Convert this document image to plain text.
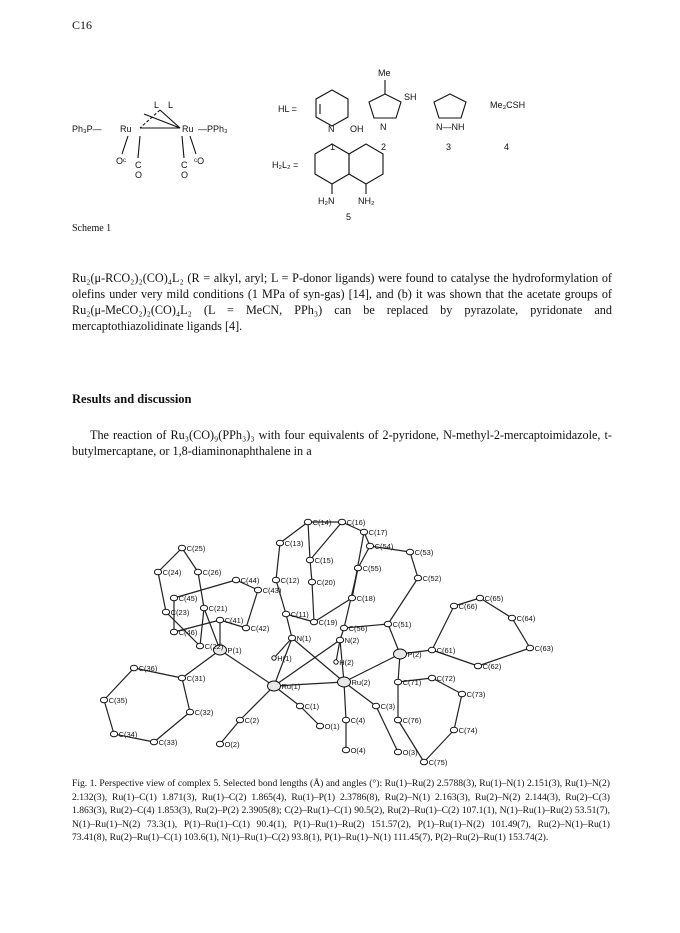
C16
Ph₃P— Ru	Ru —PPh₃
L L
Oᶜ	ᶜO
C	C
O	O
HL =
N OH
1
Me
SH
N
2
N—NH
3
Me₃CSH
4
H₂L₂ =
H₂N	NH₂
5
Scheme 1
Ru₂(μ-RCO₂)₂(CO)₄L₂ (R = alkyl, aryl; L = P-donor ligands) were found to catalyse the hydroformylation of olefins under very mild conditions (1 MPa of syn-gas) [14], and (b) it was shown that the acetate groups of Ru₂(μ-MeCO₂)₂(CO)₄L₂ (L = MeCN, PPh₃) can be replaced by pyrazolate, pyridonate and mercaptothiazolidinate ligands [4].
Results and discussion
The reaction of Ru₃(CO)₉(PPh₃)₃ with four equivalents of 2-pyridone, N-methyl-2-mercaptoimidazole, t-butylmercaptane, or 1,8-diaminonaphthalene in a
C(14) C(16)
C(17)
C(25)
C(13)	C(54)
C(53)
C(15)
C(24)	C(26)	C(55)
C(52)
C(44)	C(12) C(20)
C(43)
C(45)
C(21)
C(18)
C(66)
C(65)
C(23)	C(11)
C(41)	C(51)
C(64)
C(46)	C(42)
C(19)
C(56)
C(22) P(1)
N(1)	N(2)
P(2) C(61)	C(63)
C(36)
H(1)	H(2)	C(62)
C(31)
Ru(1)	Ru(2)	C(71) C(72)
C(35)
C(1)	C(3)
C(73)
C(32)
C(2)	C(4)	C(76)
O(1)	C(74)
C(34)
C(33)	O(2)
O(4)	O(3)
C(75)
Fig. 1. Perspective view of complex 5. Selected bond lengths (Å) and angles (°): Ru(1)–Ru(2) 2.5788(3), Ru(1)–N(1) 2.151(3), Ru(1)–N(2) 2.132(3), Ru(1)–C(1) 1.871(3), Ru(1)–C(2) 1.865(4), Ru(1)–P(1) 2.3786(8), Ru(2)–N(1) 2.163(3), Ru(2)–N(2) 2.144(3), Ru(2)–C(3) 1.863(3), Ru(2)–C(4) 1.853(3), Ru(2)–P(2) 2.3905(8); C(2)–Ru(1)–C(1) 90.5(2), Ru(2)–Ru(1)–C(2) 107.1(1), N(1)–Ru(1)–Ru(2) 53.51(7), N(1)–Ru(1)–N(2) 73.3(1), P(1)–Ru(1)–C(1) 90.4(1), P(1)–Ru(1)–Ru(2) 151.57(2), P(1)–Ru(1)–N(2) 101.49(7), Ru(2)–N(1)–Ru(1) 73.41(8), Ru(2)–Ru(1)–C(1) 103.6(1), N(1)–Ru(1)–C(2) 93.8(1), P(1)–Ru(1)–N(1) 111.45(7), P(2)–Ru(2)–Ru(1) 153.74(2).
